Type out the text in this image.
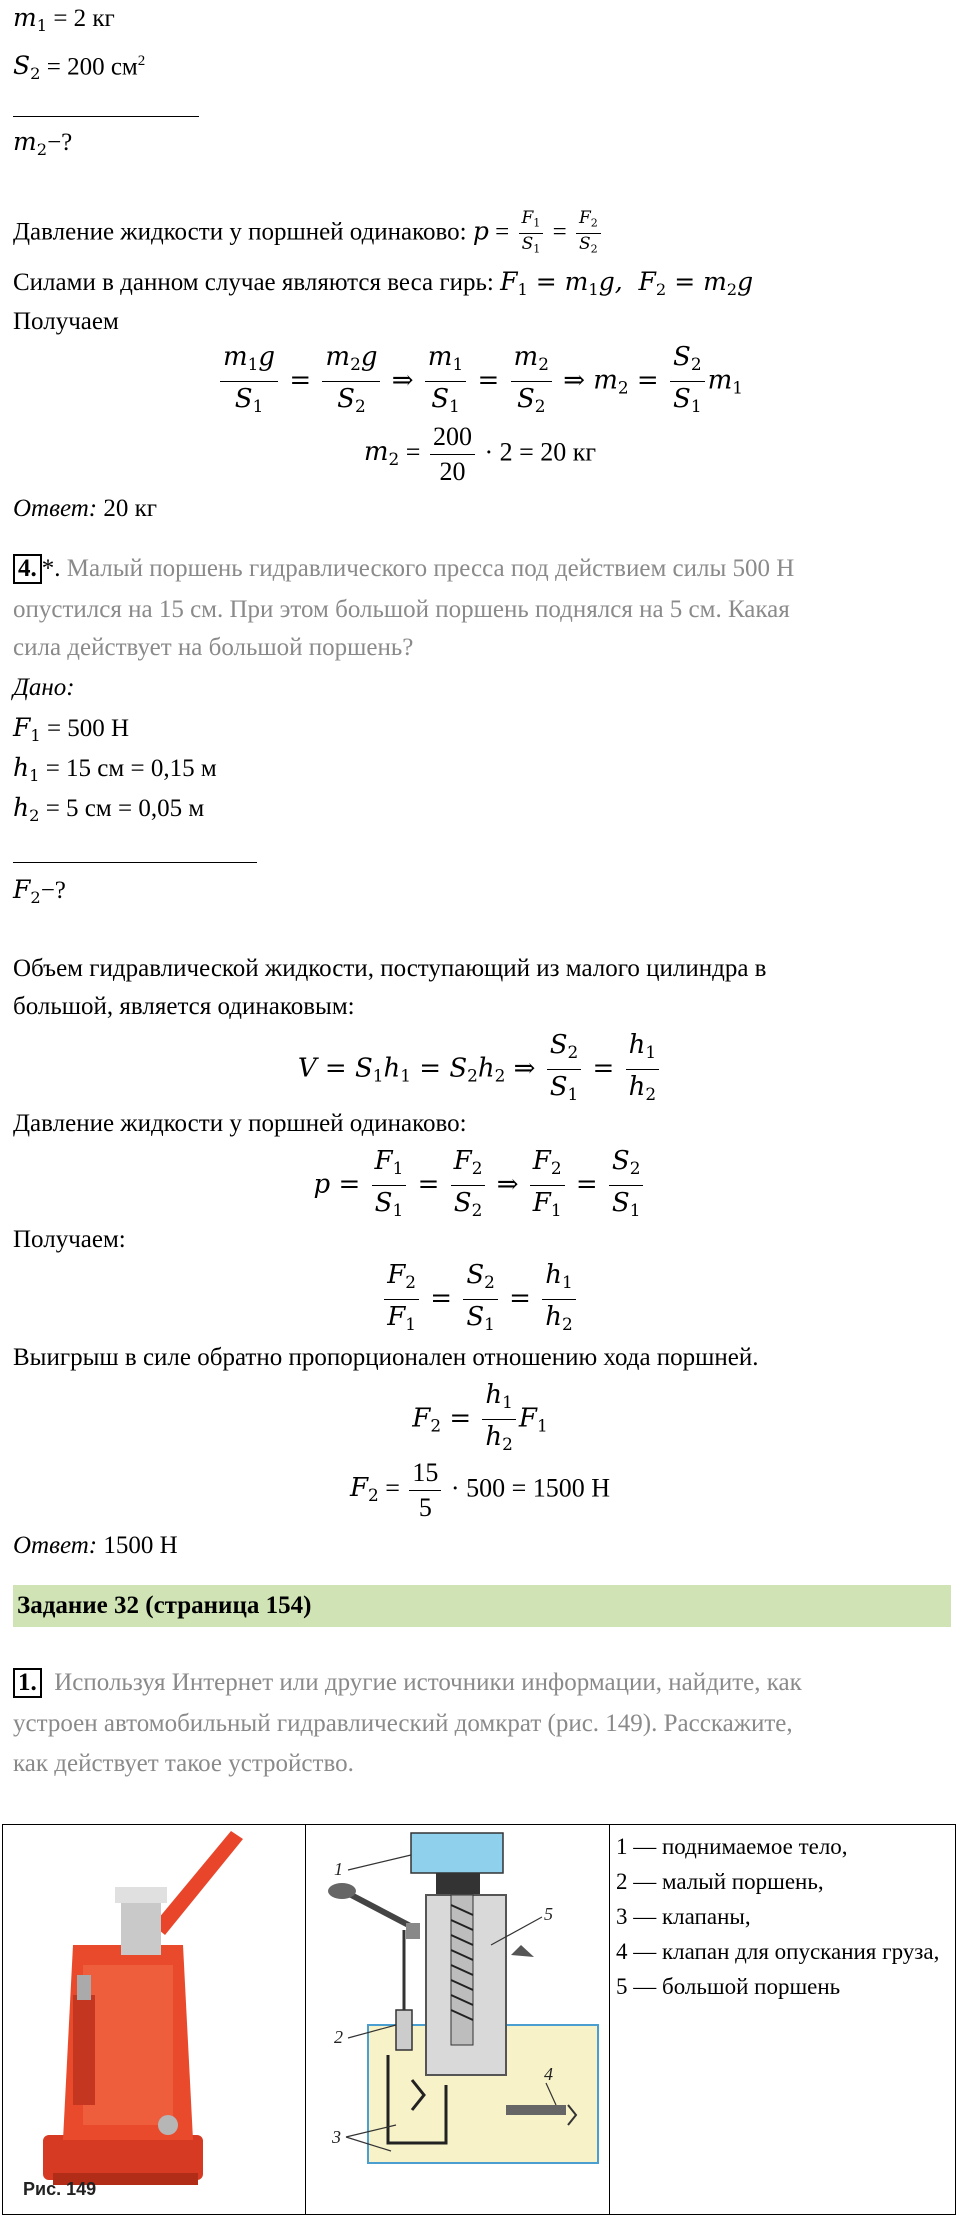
$m_1 = 2$ кг
$S_2 = 200$ $см^2$
$m_2-$?
Давление жидкости у поршней одинаково: $p = \frac{F_1}{S_1} = \frac{F_2}{S_2}$
Силами в данном случае являются веса гирь: $F_1 = m_1g$,  $F_2 = m_2g$
Получаем
$\frac{m_1g}{S_1} = \frac{m_2g}{S_2}$ ⇒ $\frac{m_1}{S_1} = \frac{m_2}{S_2}$ ⇒ $m_2 = \frac{S_2}{S_1} m_1$
$m_2 = \frac{200}{20} \cdot 2 = 20$ кг
Ответ: 20 кг
4. *. Малый поршень гидравлического пресса под действием силы 500 Н
опустился на 15 см. При этом большой поршень поднялся на 5 см. Какая
сила действует на большой поршень?
Дано:
$F_1 = 500$ Н
$h_1 = 15$ см = 0,15 м
$h_2 = 5$ см = 0,05 м
$F_2-$?
Объем гидравлической жидкости, поступающий из малого цилиндра в
большой, является одинаковым:
$V = S_1h_1 = S_2h_2$ ⇒ $\frac{S_2}{S_1} = \frac{h_1}{h_2}$
Давление жидкости у поршней одинаково:
$p = \frac{F_1}{S_1} = \frac{F_2}{S_2}$ ⇒ $\frac{F_2}{F_1} = \frac{S_2}{S_1}$
Получаем:
$\frac{F_2}{F_1} = \frac{S_2}{S_1} = \frac{h_1}{h_2}$
Выигрыш в силе обратно пропорционален отношению хода поршней.
$F_2 = \frac{h_1}{h_2} F_1$
$F_2 = \frac{15}{5} \cdot 500 = 1500$ Н
Ответ: 1500 Н
Задание 32 (страница 154)
1. Используя Интернет или другие источники информации, найдите, как
устроен автомобильный гидравлический домкрат (рис. 149). Расскажите,
как действует такое устройство.
Рис. 149

1
2
3
4
5

1 — поднимаемое тело,
2 — малый поршень,
3 — клапаны,
4 — клапан для опускания груза,
5 — большой поршень
